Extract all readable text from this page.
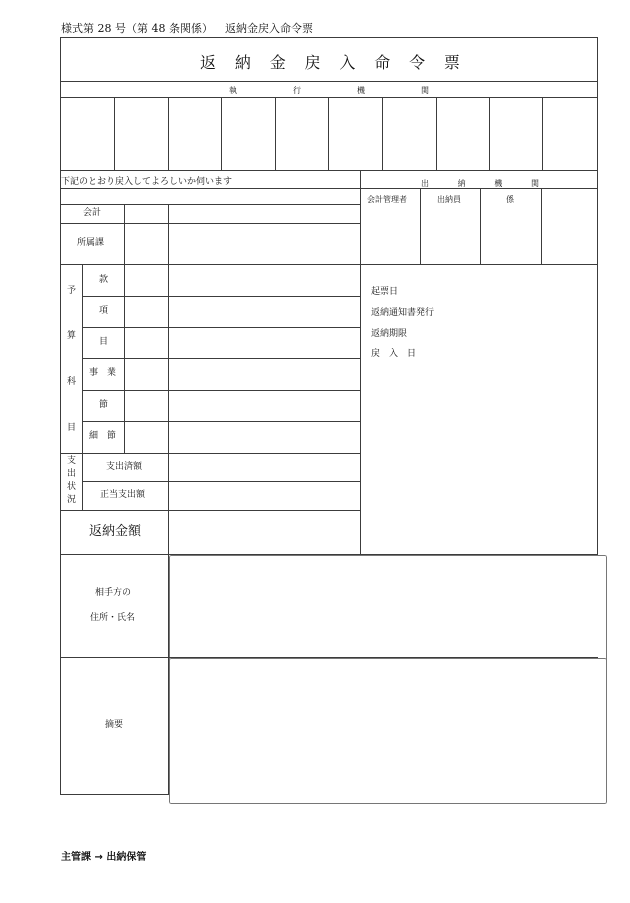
様式第 28 号（第 48 条関係） 返納金戻入命令票
返 納 金 戻 入 命 令 票
執	行	機	関
下記のとおり戻入してよろしいか伺います	出	納	機	関
会計管理者	出納員	係
会計
所属課
予
算
科
目
款
項
目
事　業
節
細　節
支
出
状
況
支出済額
正当支出額
返納金額
起票日
返納通知書発行
返納期限
戻　入　日
相手方の
住所・氏名
摘要
主管課 → 出納保管
